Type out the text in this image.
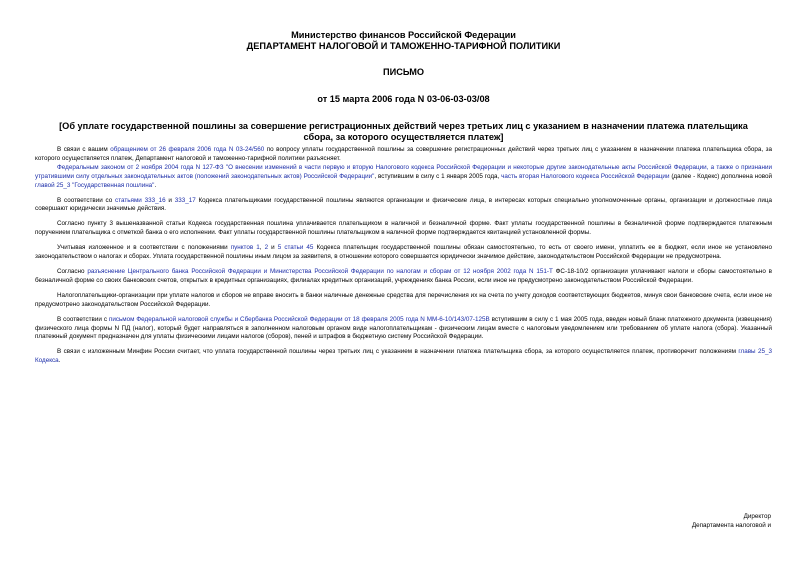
Министерство финансов Российской Федерации
ДЕПАРТАМЕНТ НАЛОГОВОЙ И ТАМОЖЕННО-ТАРИФНОЙ ПОЛИТИКИ
ПИСЬМО
от 15 марта 2006 года N 03-06-03-03/08
[Об уплате государственной пошлины за совершение регистрационных действий через третьих лиц с указанием в назначении платежа плательщика сбора, за которого осуществляется платеж]

В связи с вашим обращением от 26 февраля 2006 года N 03-24/560 по вопросу уплаты государственной пошлины за совершение регистрационных действий через третьих лиц с указанием в назначении платежа плательщика сбора, за которого осуществляется платеж, Департамент налоговой и таможенно-тарифной политики разъясняет.

Федеральным законом от 2 ноября 2004 года N 127-ФЗ "О внесении изменений в части первую и вторую Налогового кодекса Российской Федерации и некоторые другие законодательные акты Российской Федерации, а также о признании утратившими силу отдельных законодательных актов (положений законодательных актов) Российской Федерации", вступившим в силу с 1 января 2005 года, часть вторая Налогового кодекса Российской Федерации (далее - Кодекс) дополнена новой главой 25_3 "Государственная пошлина".

В соответствии со статьями 333_16 и 333_17 Кодекса плательщиками государственной пошлины являются организации и физические лица, в интересах которых специально уполномоченные органы, организации и должностные лица совершают юридически значимые действия.

Согласно пункту 3 вышеназванной статьи Кодекса государственная пошлина уплачивается плательщиком в наличной и безналичной форме. Факт уплаты государственной пошлины в безналичной форме подтверждается платежным поручением плательщика с отметкой банка о его исполнении. Факт уплаты государственной пошлины плательщиком в наличной форме подтверждается квитанцией установленной формы.

Учитывая изложенное и в соответствии с положениями пунктов 1, 2 и 5 статьи 45 Кодекса плательщик государственной пошлины обязан самостоятельно, то есть от своего имени, уплатить ее в бюджет, если иное не установлено законодательством о налогах и сборах. Уплата государственной пошлины иным лицом за заявителя, в отношении которого совершается юридически значимое действие, законодательством Российской Федерации не предусмотрена.

Согласно разъяснение Центрального банка Российской Федерации и Министерства Российской Федерации по налогам и сборам от 12 ноября 2002 года N 151-Т ФС-18-10/2 организации уплачивают налоги и сборы самостоятельно в безналичной форме со своих банковских счетов, открытых в кредитных организациях, филиалах кредитных организаций, учреждениях банка России, если иное не предусмотрено законодательством Российской Федерации.

Налогоплательщики-организации при уплате налогов и сборов не вправе вносить в банки наличные денежные средства для перечисления их на счета по учету доходов соответствующих бюджетов, минуя свои банковские счета, если иное не предусмотрено законодательством Российской Федерации.

В соответствии с письмом Федеральной налоговой службы и Сбербанка Российской Федерации от 18 февраля 2005 года N ММ-6-10/143/07-125В вступившим в силу с 1 мая 2005 года, введен новый бланк платежного документа (извещения) физического лица формы N ПД (налог), который будет направляться в заполненном налоговым органом виде налогоплательщикам - физическим лицам вместе с налоговым уведомлением или требованием об уплате налога (сбора). Указанный платежный документ предназначен для уплаты физическими лицами налогов (сборов), пеней и штрафов в бюджетную систему Российской Федерации.

В связи с изложенным Минфин России считает, что уплата государственной пошлины через третьих лиц с указанием в назначении платежа плательщика сбора, за которого осуществляется платеж, противоречит положениям главы 25_3 Кодекса.

Директор
Департамента налоговой и
